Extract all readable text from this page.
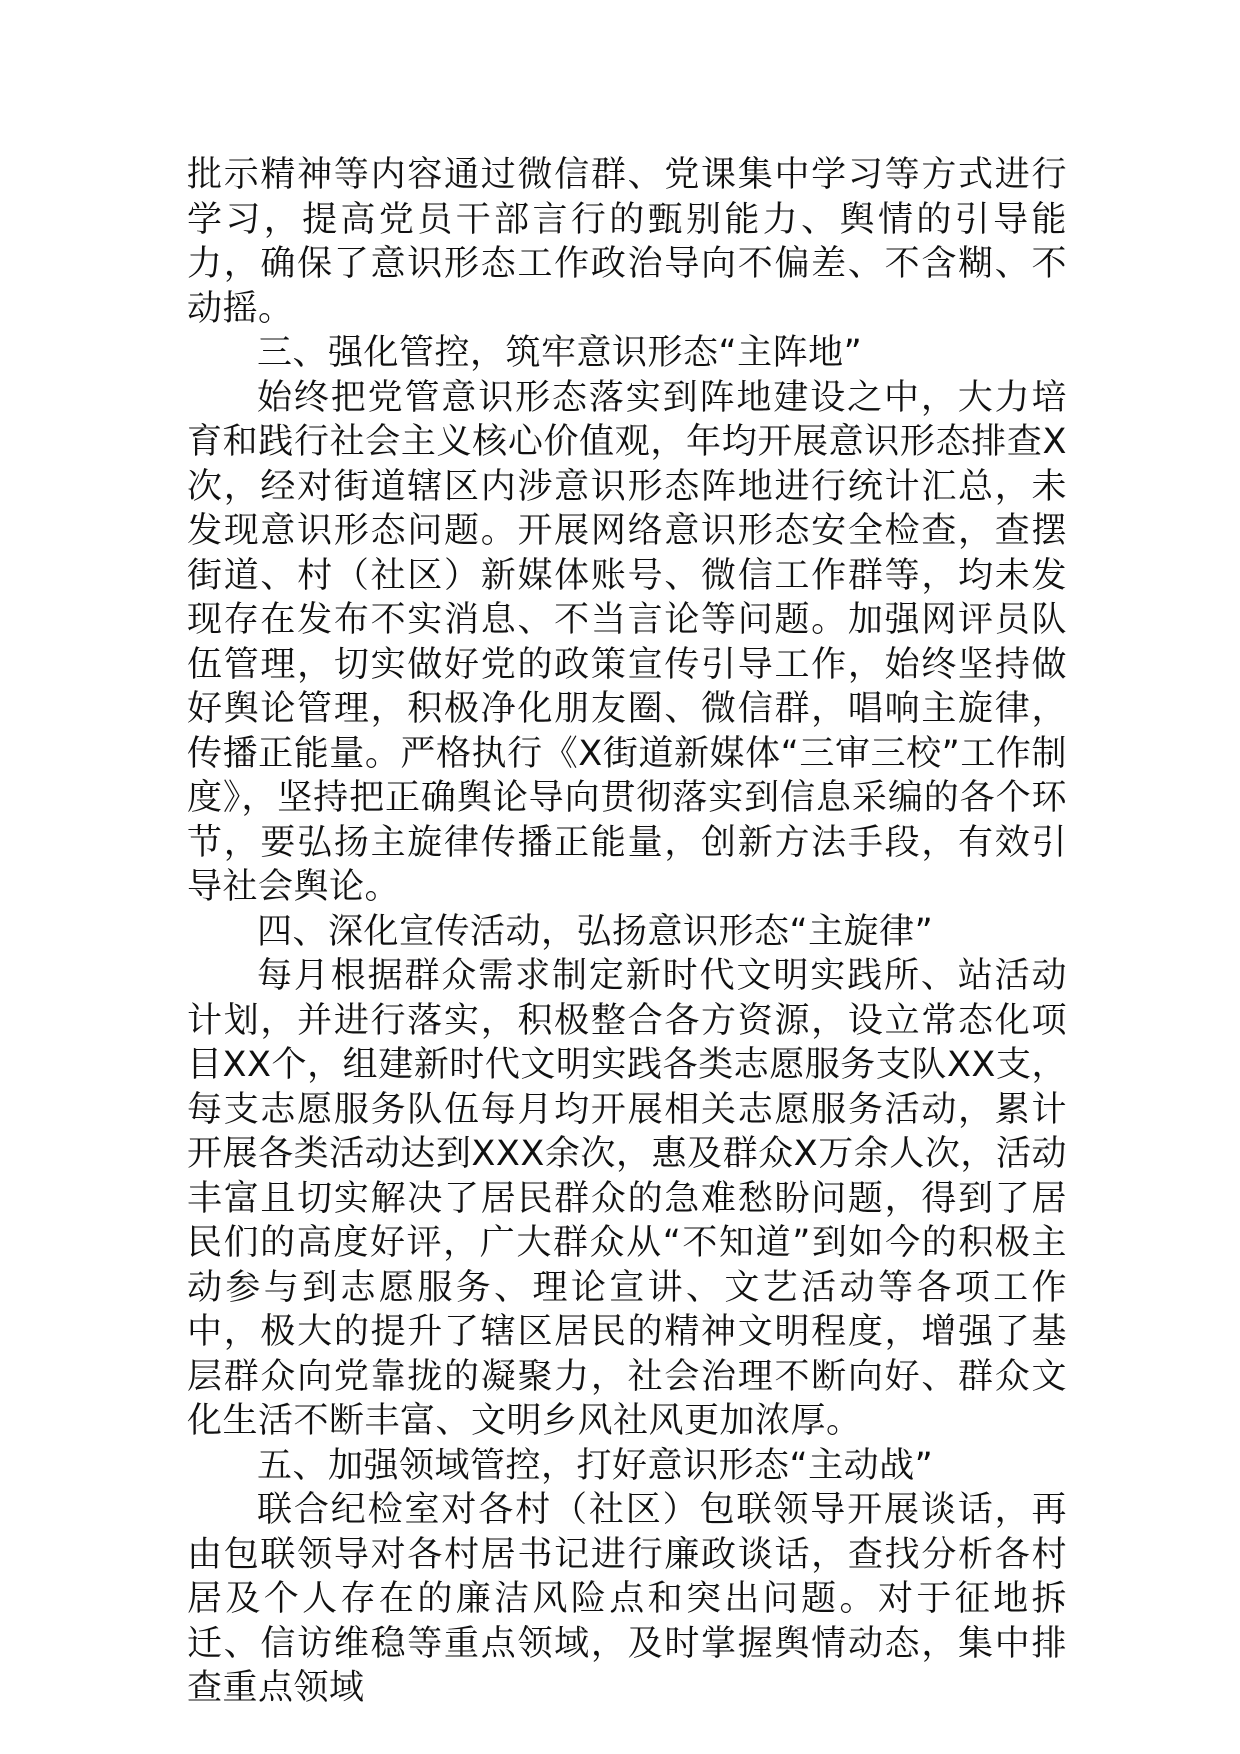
批示精神等内容通过微信群、党课集中学习等方式进行学习，提高党员干部言行的甄别能力、舆情的引导能力，确保了意识形态工作政治导向不偏差、不含糊、不动摇。

三、强化管控，筑牢意识形态“主阵地”

始终把党管意识形态落实到阵地建设之中，大力培育和践行社会主义核心价值观，年均开展意识形态排查X次，经对街道辖区内涉意识形态阵地进行统计汇总，未发现意识形态问题。开展网络意识形态安全检查，查摆街道、村（社区）新媒体账号、微信工作群等，均未发现存在发布不实消息、不当言论等问题。加强网评员队伍管理，切实做好党的政策宣传引导工作，始终坚持做好舆论管理，积极净化朋友圈、微信群，唱响主旋律，传播正能量。严格执行《X街道新媒体“三审三校”工作制度》，坚持把正确舆论导向贯彻落实到信息采编的各个环节，要弘扬主旋律传播正能量，创新方法手段，有效引导社会舆论。

四、深化宣传活动，弘扬意识形态“主旋律”

每月根据群众需求制定新时代文明实践所、站活动计划，并进行落实，积极整合各方资源，设立常态化项目XX个，组建新时代文明实践各类志愿服务支队XX支，每支志愿服务队伍每月均开展相关志愿服务活动，累计开展各类活动达到XXX余次，惠及群众X万余人次，活动丰富且切实解决了居民群众的急难愁盼问题，得到了居民们的高度好评，广大群众从“不知道”到如今的积极主动参与到志愿服务、理论宣讲、文艺活动等各项工作中，极大的提升了辖区居民的精神文明程度，增强了基层群众向党靠拢的凝聚力，社会治理不断向好、群众文化生活不断丰富、文明乡风社风更加浓厚。

五、加强领域管控，打好意识形态“主动战”

联合纪检室对各村（社区）包联领导开展谈话，再由包联领导对各村居书记进行廉政谈话，查找分析各村居及个人存在的廉洁风险点和突出问题。对于征地拆迁、信访维稳等重点领域，及时掌握舆情动态，集中排查重点领域
